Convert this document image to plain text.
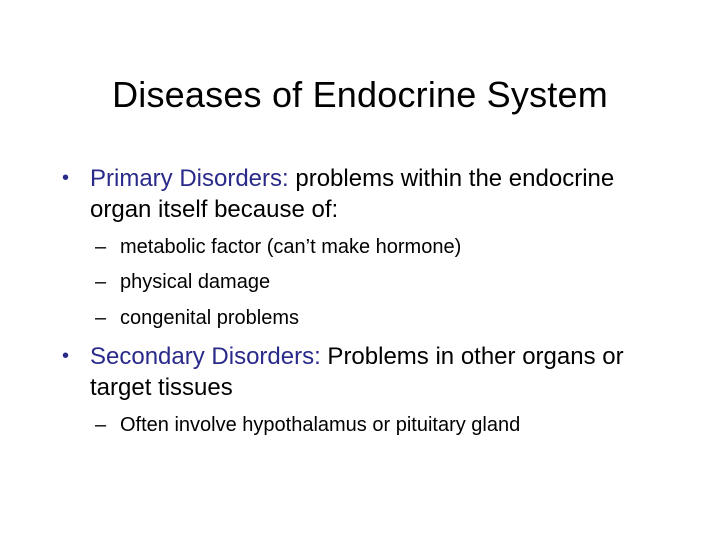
Diseases of Endocrine System
• Primary Disorders: problems within the endocrine organ itself because of:
– metabolic factor (can’t make hormone)
– physical damage
– congenital problems
• Secondary Disorders: Problems in other organs or target tissues
– Often involve hypothalamus or pituitary gland
